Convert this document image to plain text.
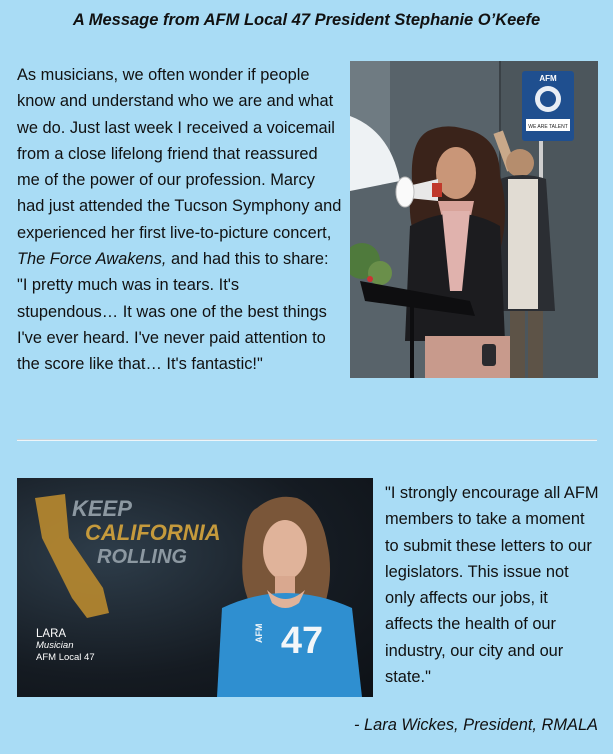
A Message from AFM Local 47 President Stephanie O’Keefe
As musicians, we often wonder if people know and understand who we are and what we do. Just last week I received a voicemail from a close lifelong friend that reassured me of the power of our profession. Marcy had just attended the Tucson Symphony and experienced her first live-to-picture concert, The Force Awakens, and had this to share: "I pretty much was in tears. It's stupendous… It was one of the best things I've ever heard. I've never paid attention to the score like that… It's fantastic!"
AFM
WE ARE TALENT
KEEP
CALIFORNIA
ROLLING
47
AFM
LARA
Musician
AFM Local 47
"I strongly encourage all AFM members to take a moment to submit these letters to our legislators. This issue not only affects our jobs, it affects the health of our industry, our city and our state."
- Lara Wickes, President, RMALA
